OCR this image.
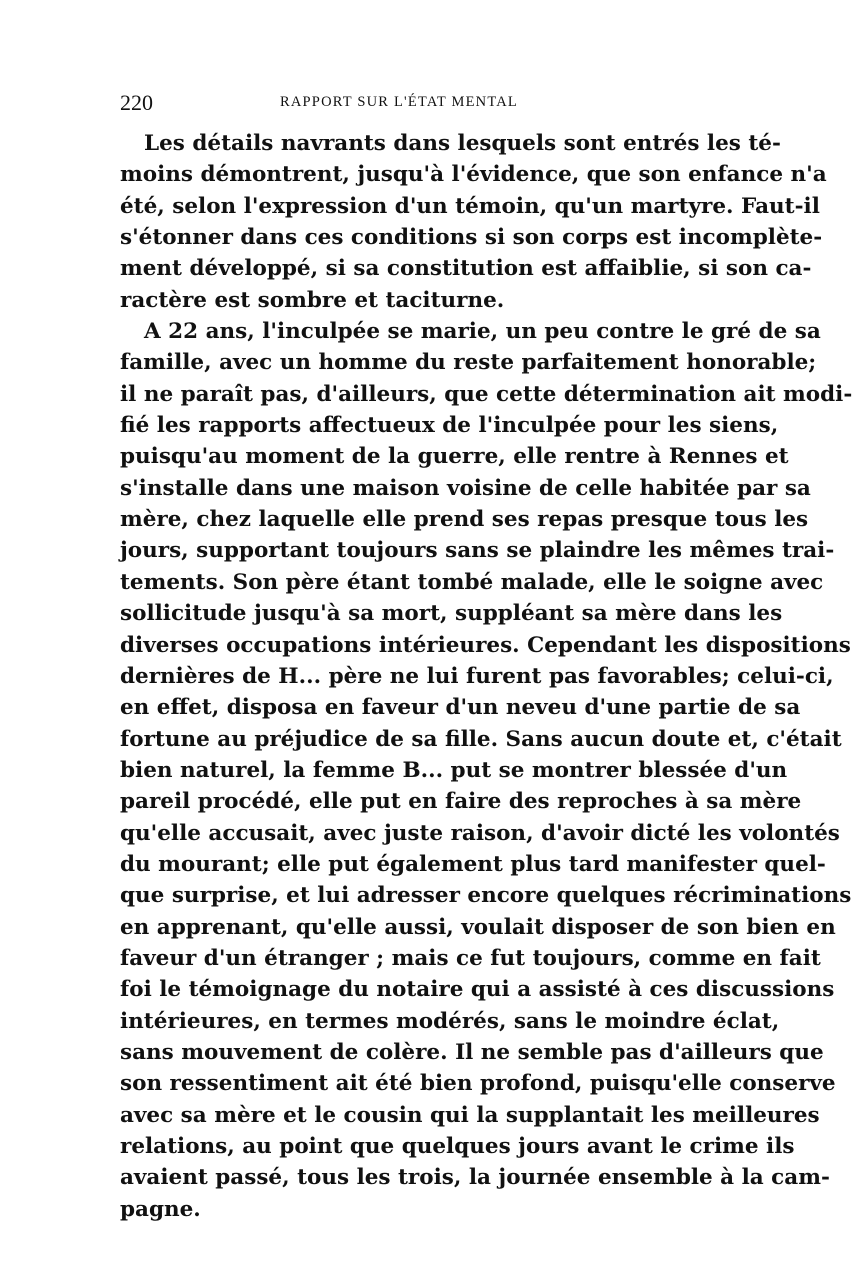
220	RAPPORT SUR L'ÉTAT MENTAL
Les détails navrants dans lesquels sont entrés les té-
moins démontrent, jusqu'à l'évidence, que son enfance n'a
été, selon l'expression d'un témoin, qu'un martyre. Faut-il
s'étonner dans ces conditions si son corps est incomplète-
ment développé, si sa constitution est affaiblie, si son ca-
ractère est sombre et taciturne.
A 22 ans, l'inculpée se marie, un peu contre le gré de sa
famille, avec un homme du reste parfaitement honorable;
il ne paraît pas, d'ailleurs, que cette détermination ait modi-
fié les rapports affectueux de l'inculpée pour les siens,
puisqu'au moment de la guerre, elle rentre à Rennes et
s'installe dans une maison voisine de celle habitée par sa
mère, chez laquelle elle prend ses repas presque tous les
jours, supportant toujours sans se plaindre les mêmes trai-
tements. Son père étant tombé malade, elle le soigne avec
sollicitude jusqu'à sa mort, suppléant sa mère dans les
diverses occupations intérieures. Cependant les dispositions
dernières de H... père ne lui furent pas favorables; celui-ci,
en effet, disposa en faveur d'un neveu d'une partie de sa
fortune au préjudice de sa fille. Sans aucun doute et, c'était
bien naturel, la femme B... put se montrer blessée d'un
pareil procédé, elle put en faire des reproches à sa mère
qu'elle accusait, avec juste raison, d'avoir dicté les volontés
du mourant; elle put également plus tard manifester quel-
que surprise, et lui adresser encore quelques récriminations
en apprenant, qu'elle aussi, voulait disposer de son bien en
faveur d'un étranger ; mais ce fut toujours, comme en fait
foi le témoignage du notaire qui a assisté à ces discussions
intérieures, en termes modérés, sans le moindre éclat,
sans mouvement de colère. Il ne semble pas d'ailleurs que
son ressentiment ait été bien profond, puisqu'elle conserve
avec sa mère et le cousin qui la supplantait les meilleures
relations, au point que quelques jours avant le crime ils
avaient passé, tous les trois, la journée ensemble à la cam-
pagne.
